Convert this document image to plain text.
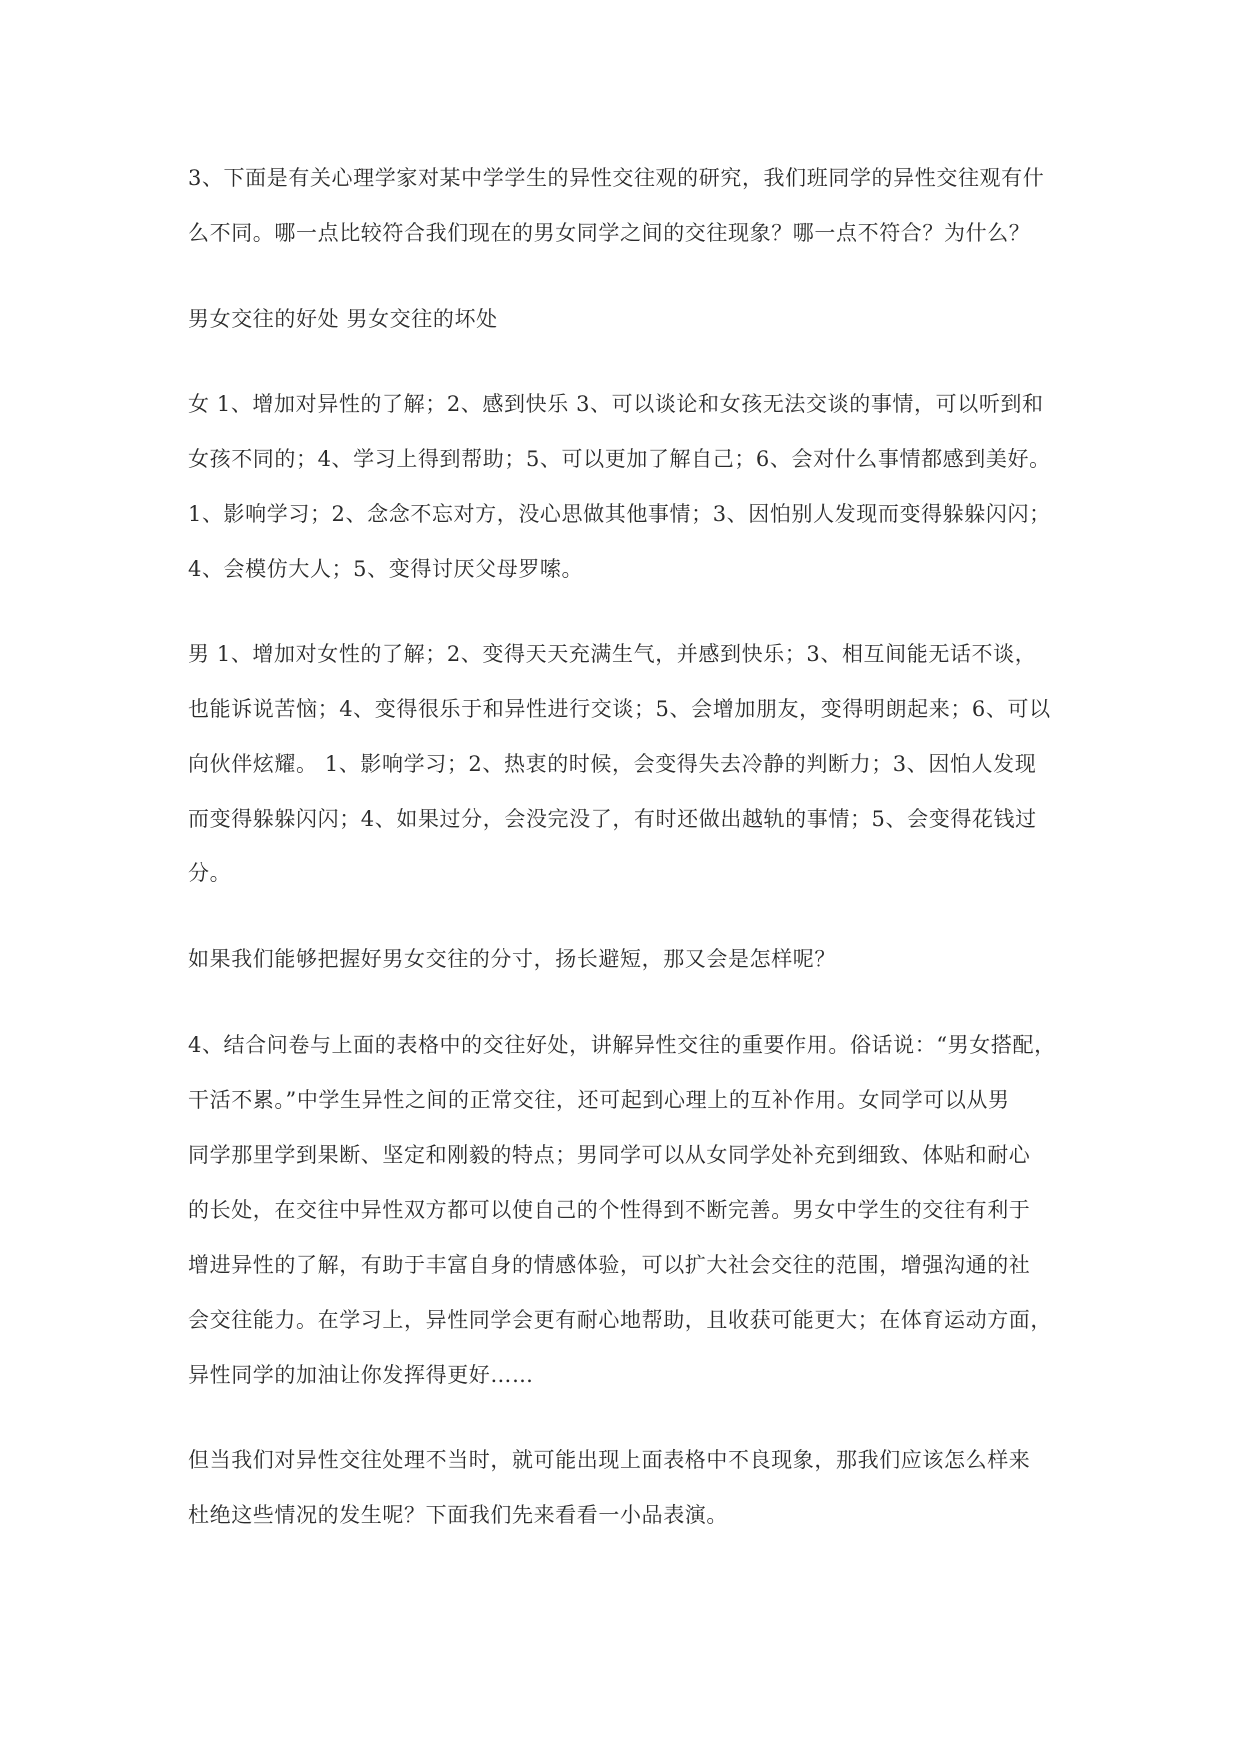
3、下面是有关心理学家对某中学学生的异性交往观的研究，我们班同学的异性交往观有什
么不同。哪一点比较符合我们现在的男女同学之间的交往现象？哪一点不符合？为什么？
男女交往的好处 男女交往的坏处
女 1、增加对异性的了解；2、感到快乐 3、可以谈论和女孩无法交谈的事情，可以听到和
女孩不同的；4、学习上得到帮助；5、可以更加了解自己；6、会对什么事情都感到美好。
1、影响学习；2、念念不忘对方，没心思做其他事情；3、因怕别人发现而变得躲躲闪闪；
4、会模仿大人；5、变得讨厌父母罗嗦。
男 1、增加对女性的了解；2、变得天天充满生气，并感到快乐；3、相互间能无话不谈，
也能诉说苦恼；4、变得很乐于和异性进行交谈；5、会增加朋友，变得明朗起来；6、可以
向伙伴炫耀。 1、影响学习；2、热衷的时候，会变得失去冷静的判断力；3、因怕人发现
而变得躲躲闪闪；4、如果过分，会没完没了，有时还做出越轨的事情；5、会变得花钱过
分。
如果我们能够把握好男女交往的分寸，扬长避短，那又会是怎样呢？
4、结合问卷与上面的表格中的交往好处，讲解异性交往的重要作用。俗话说：“男女搭配，
干活不累。”中学生异性之间的正常交往，还可起到心理上的互补作用。女同学可以从男
同学那里学到果断、坚定和刚毅的特点；男同学可以从女同学处补充到细致、体贴和耐心
的长处，在交往中异性双方都可以使自己的个性得到不断完善。男女中学生的交往有利于
增进异性的了解，有助于丰富自身的情感体验，可以扩大社会交往的范围，增强沟通的社
会交往能力。在学习上，异性同学会更有耐心地帮助，且收获可能更大；在体育运动方面，
异性同学的加油让你发挥得更好……
但当我们对异性交往处理不当时，就可能出现上面表格中不良现象，那我们应该怎么样来
杜绝这些情况的发生呢？下面我们先来看看一小品表演。
